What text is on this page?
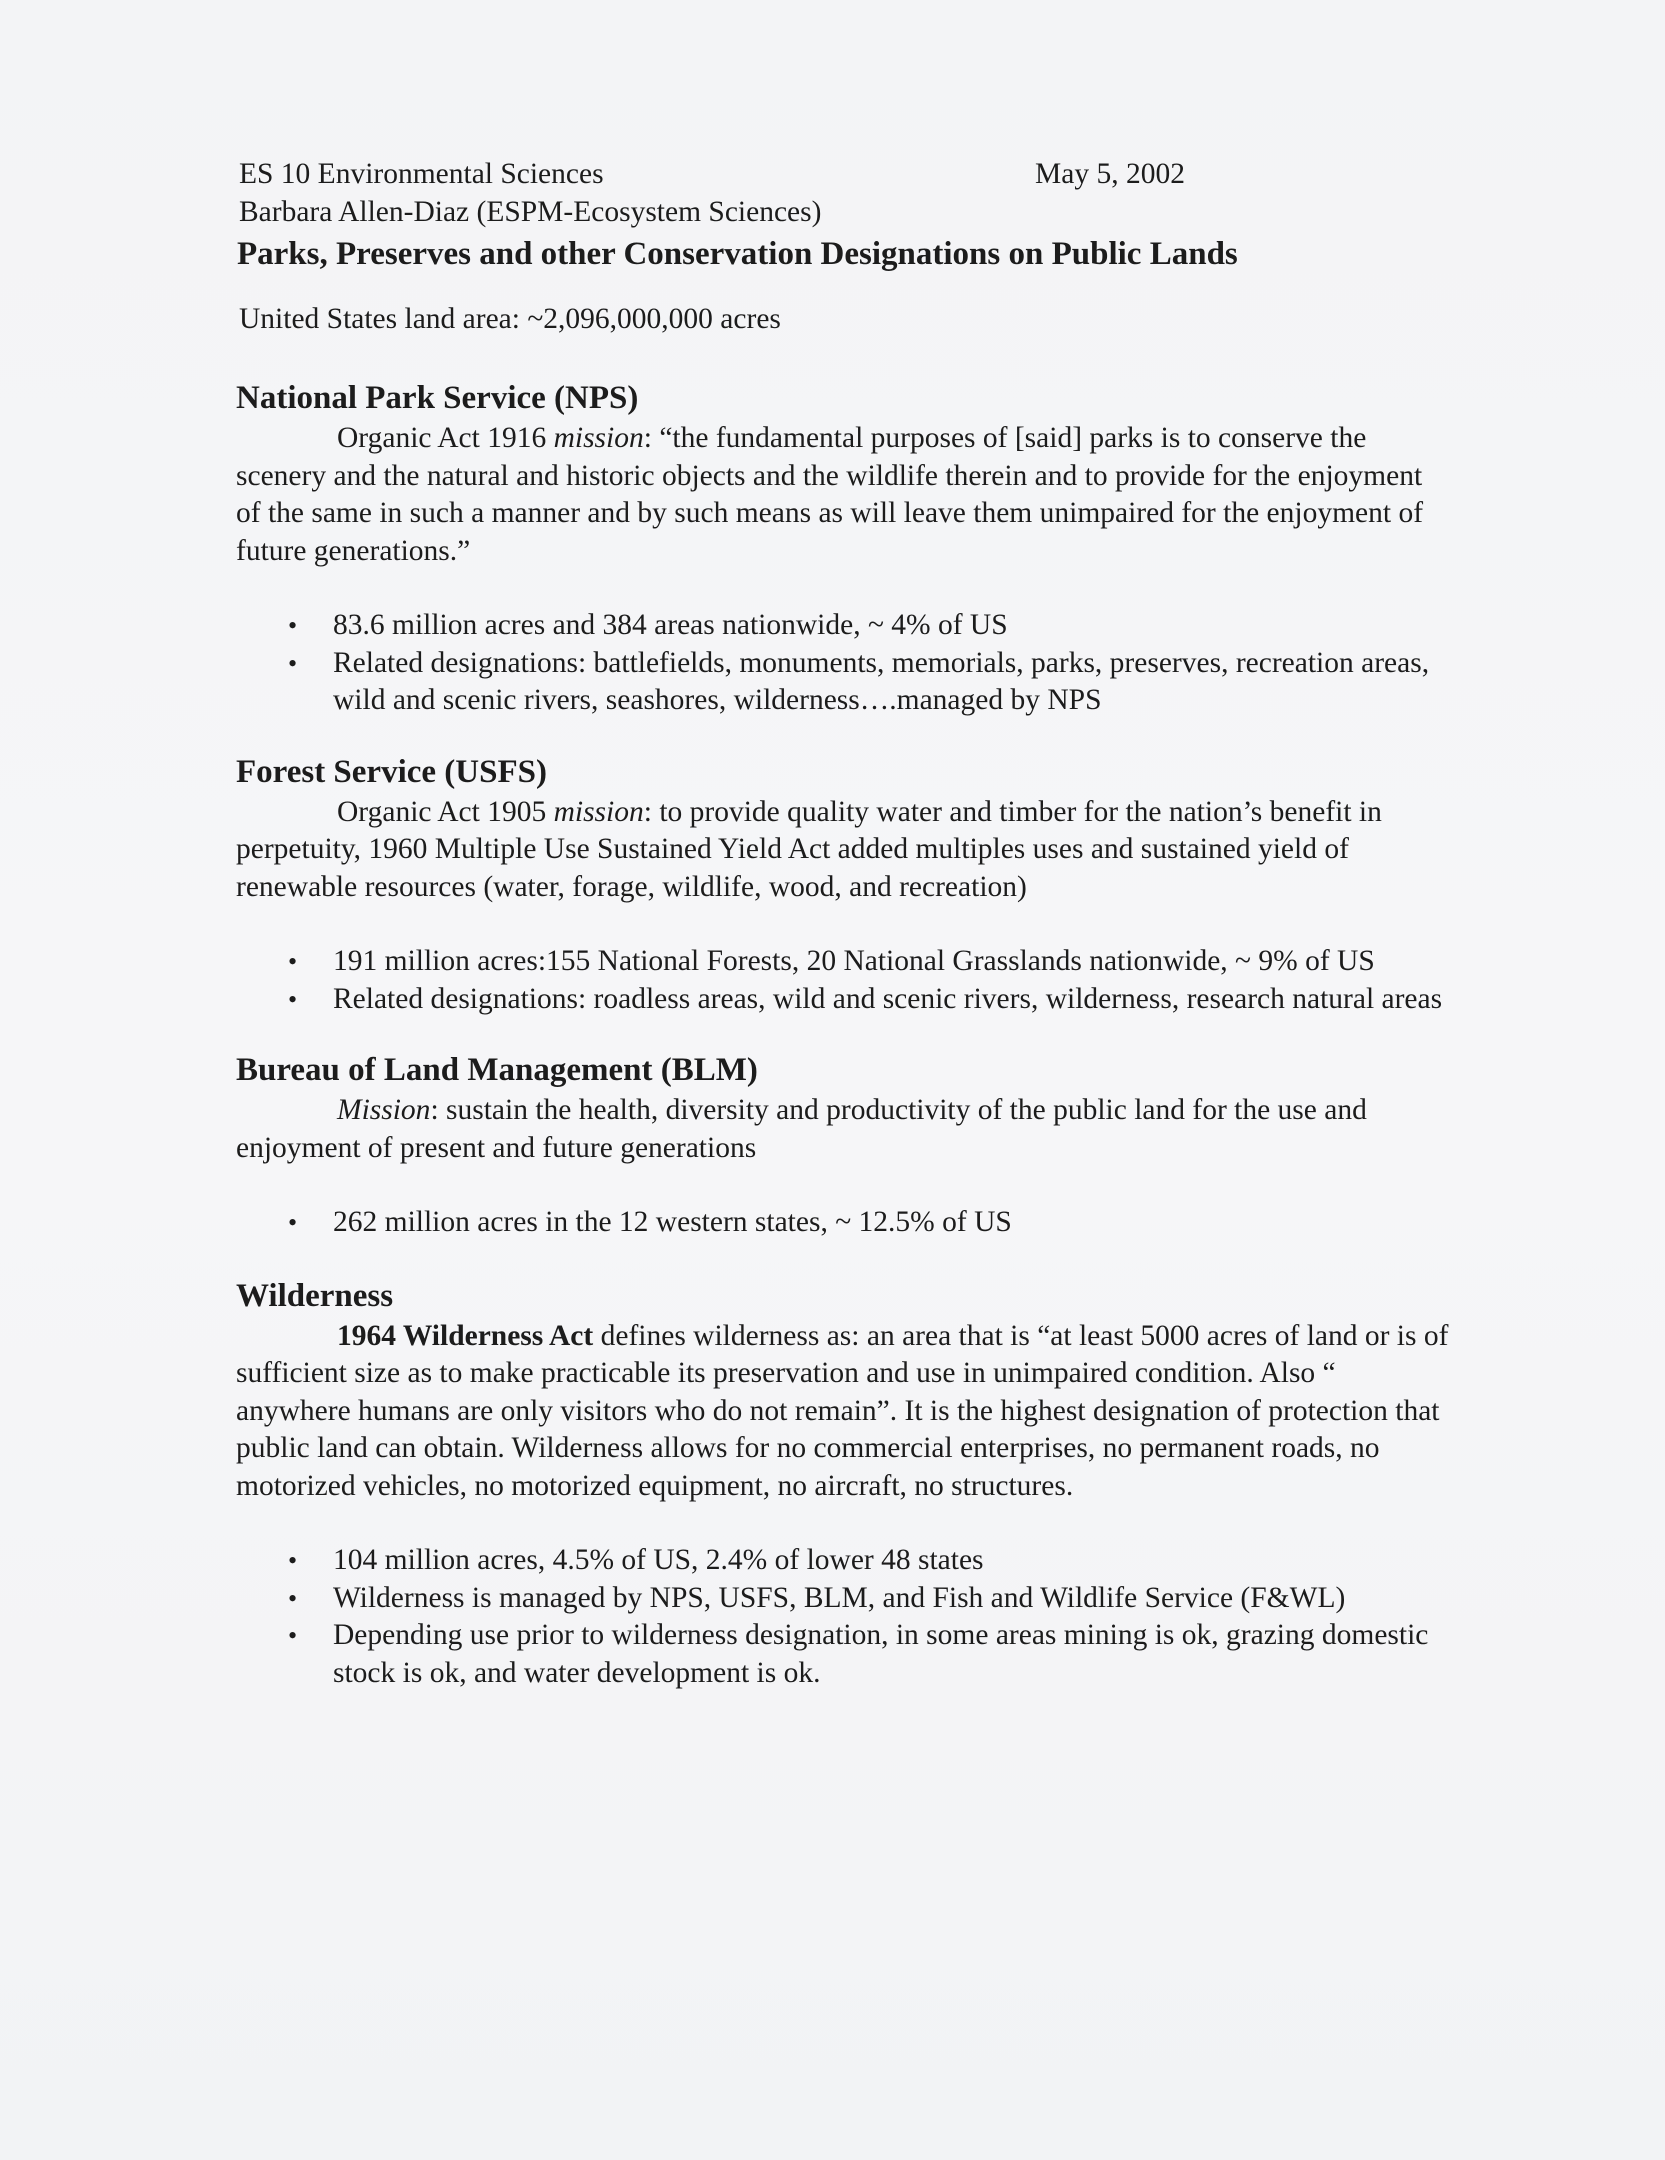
ES 10 Environmental Sciences	May 5, 2002
Barbara Allen-Diaz (ESPM-Ecosystem Sciences)
Parks, Preserves and other Conservation Designations on Public Lands
United States land area: ~2,096,000,000 acres
National Park Service (NPS)

Organic Act 1916 mission: “the fundamental purposes of [said] parks is to conserve the scenery and the natural and historic objects and the wildlife therein and to provide for the enjoyment of the same in such a manner and by such means as will leave them unimpaired for the enjoyment of future generations.”

• 83.6 million acres and 384 areas nationwide, ~ 4% of US
• Related designations: battlefields, monuments, memorials, parks, preserves, recreation areas, wild and scenic rivers, seashores, wilderness….managed by NPS
Forest Service (USFS)

Organic Act 1905 mission: to provide quality water and timber for the nation’s benefit in perpetuity, 1960 Multiple Use Sustained Yield Act added multiples uses and sustained yield of renewable resources (water, forage, wildlife, wood, and recreation)

• 191 million acres:155 National Forests, 20 National Grasslands nationwide, ~ 9% of US
• Related designations: roadless areas, wild and scenic rivers, wilderness, research natural areas
Bureau of Land Management (BLM)

Mission: sustain the health, diversity and productivity of the public land for the use and enjoyment of present and future generations

• 262 million acres in the 12 western states, ~ 12.5% of US
Wilderness

1964 Wilderness Act defines wilderness as: an area that is “at least 5000 acres of land or is of sufficient size as to make practicable its preservation and use in unimpaired condition. Also “ anywhere humans are only visitors who do not remain”. It is the highest designation of protection that public land can obtain. Wilderness allows for no commercial enterprises, no permanent roads, no motorized vehicles, no motorized equipment, no aircraft, no structures.

• 104 million acres, 4.5% of US, 2.4% of lower 48 states
• Wilderness is managed by NPS, USFS, BLM, and Fish and Wildlife Service (F&WL)
• Depending use prior to wilderness designation, in some areas mining is ok, grazing domestic stock is ok, and water development is ok.
